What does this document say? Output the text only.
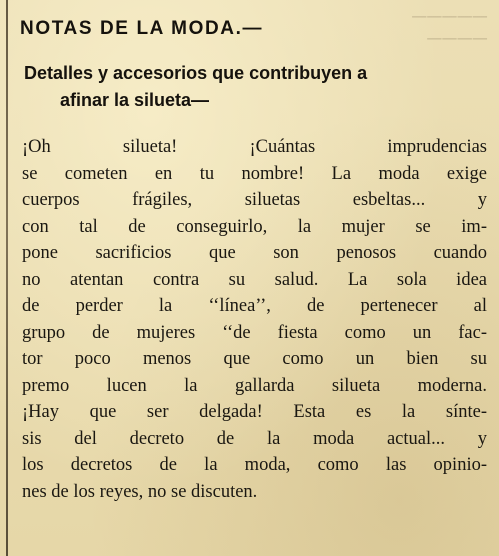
─────
────
NOTAS DE LA MODA.—
Detalles y accesorios que contribuyen a
afinar la silueta—
¡Oh silueta! ¡Cuántas imprudencias
se cometen en tu nombre! La moda exige
cuerpos frágiles, siluetas esbeltas... y
con tal de conseguirlo, la mujer se im-
pone sacrificios que son penosos cuando
no atentan contra su salud. La sola idea
de perder la ‘‘línea’’, de pertenecer al
grupo de mujeres ‘‘de fiesta como un fac-
tor poco menos que como un bien su
premo lucen la gallarda silueta moderna.
¡Hay que ser delgada! Esta es la sínte-
sis del decreto de la moda actual... y
los decretos de la moda, como las opinio-
nes de los reyes, no se discuten.
